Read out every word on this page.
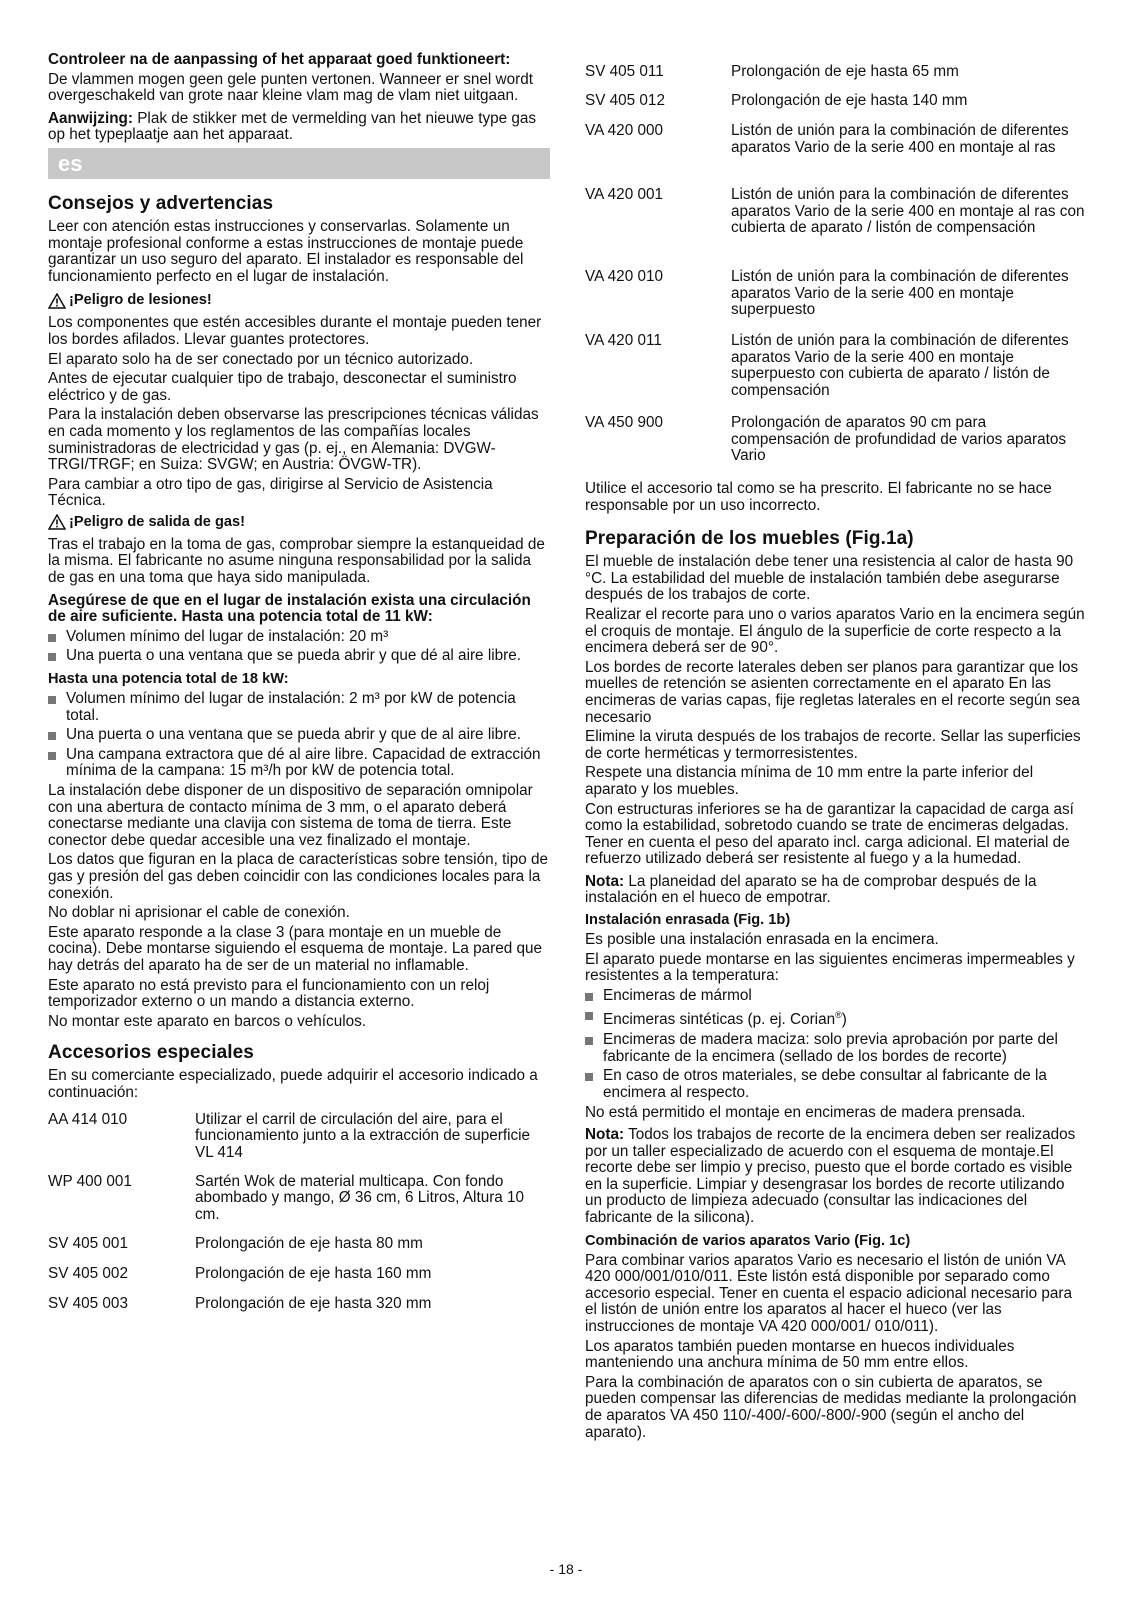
Controleer na de aanpassing of het apparaat goed funktioneert:

De vlammen mogen geen gele punten vertonen. Wanneer er snel wordt overgeschakeld van grote naar kleine vlam mag de vlam niet uitgaan.

Aanwijzing: Plak de stikker met de vermelding van het nieuwe type gas op het typeplaatje aan het apparaat.

es
Consejos y advertencias

Leer con atención estas instrucciones y conservarlas. Solamente un montaje profesional conforme a estas instrucciones de montaje puede garantizar un uso seguro del aparato. El instalador es responsable del funcionamiento perfecto en el lugar de instalación.

¡Peligro de lesiones!

Los componentes que estén accesibles durante el montaje pueden tener los bordes afilados. Llevar guantes protectores.

El aparato solo ha de ser conectado por un técnico autorizado.

Antes de ejecutar cualquier tipo de trabajo, desconectar el suministro eléctrico y de gas.

Para la instalación deben observarse las prescripciones técnicas válidas en cada momento y los reglamentos de las compañías locales suministradoras de electricidad y gas (p. ej., en Alemania: DVGW-TRGI/TRGF; en Suiza: SVGW; en Austria: ÖVGW-TR).

Para cambiar a otro tipo de gas, dirigirse al Servicio de Asistencia Técnica.

¡Peligro de salida de gas!

Tras el trabajo en la toma de gas, comprobar siempre la estanqueidad de la misma. El fabricante no asume ninguna responsabilidad por la salida de gas en una toma que haya sido manipulada.

Asegúrese de que en el lugar de instalación exista una circulación de aire suficiente. Hasta una potencia total de 11 kW:

Volumen mínimo del lugar de instalación: 20 m³
Una puerta o una ventana que se pueda abrir y que dé al aire libre.
Hasta una potencia total de 18 kW:
Volumen mínimo del lugar de instalación: 2 m³ por kW de potencia total.
Una puerta o una ventana que se pueda abrir y que de al aire libre.
Una campana extractora que dé al aire libre. Capacidad de extracción mínima de la campana: 15 m³/h por kW de potencia total.

La instalación debe disponer de un dispositivo de separación omnipolar con una abertura de contacto mínima de 3 mm, o el aparato deberá conectarse mediante una clavija con sistema de toma de tierra. Este conector debe quedar accesible una vez finalizado el montaje.

Los datos que figuran en la placa de características sobre tensión, tipo de gas y presión del gas deben coincidir con las condiciones locales para la conexión.

No doblar ni aprisionar el cable de conexión.

Este aparato responde a la clase 3 (para montaje en un mueble de cocina). Debe montarse siguiendo el esquema de montaje. La pared que hay detrás del aparato ha de ser de un material no inflamable.

Este aparato no está previsto para el funcionamiento con un reloj temporizador externo o un mando a distancia externo.

No montar este aparato en barcos o vehículos.

Accesorios especiales

En su comerciante especializado, puede adquirir el accesorio indicado a continuación:

AA 414 010	Utilizar el carril de circulación del aire, para el funcionamiento junto a la extracción de superficie VL 414
WP 400 001	Sartén Wok de material multicapa. Con fondo abombado y mango, Ø 36 cm, 6 Litros, Altura 10 cm.
SV 405 001	Prolongación de eje hasta 80 mm
SV 405 002	Prolongación de eje hasta 160 mm
SV 405 003	Prolongación de eje hasta 320 mm
SV 405 011	Prolongación de eje hasta 65 mm
SV 405 012	Prolongación de eje hasta 140 mm
VA 420 000	Listón de unión para la combinación de diferentes aparatos Vario de la serie 400 en montaje al ras
VA 420 001	Listón de unión para la combinación de diferentes aparatos Vario de la serie 400 en montaje al ras con cubierta de aparato / listón de compensación
VA 420 010	Listón de unión para la combinación de diferentes aparatos Vario de la serie 400 en montaje superpuesto
VA 420 011	Listón de unión para la combinación de diferentes aparatos Vario de la serie 400 en montaje superpuesto con cubierta de aparato / listón de compensación
VA 450 900	Prolongación de aparatos 90 cm para compensación de profundidad de varios aparatos Vario

Utilice el accesorio tal como se ha prescrito. El fabricante no se hace responsable por un uso incorrecto.

Preparación de los muebles (Fig.1a)

El mueble de instalación debe tener una resistencia al calor de hasta 90 °C. La estabilidad del mueble de instalación también debe asegurarse después de los trabajos de corte.

Realizar el recorte para uno o varios aparatos Vario en la encimera según el croquis de montaje. El ángulo de la superficie de corte respecto a la encimera deberá ser de 90°.

Los bordes de recorte laterales deben ser planos para garantizar que los muelles de retención se asienten correctamente en el aparato En las encimeras de varias capas, fije regletas laterales en el recorte según sea necesario

Elimine la viruta después de los trabajos de recorte. Sellar las superficies de corte herméticas y termorresistentes.

Respete una distancia mínima de 10 mm entre la parte inferior del aparato y los muebles.

Con estructuras inferiores se ha de garantizar la capacidad de carga así como la estabilidad, sobretodo cuando se trate de encimeras delgadas. Tener en cuenta el peso del aparato incl. carga adicional. El material de refuerzo utilizado deberá ser resistente al fuego y a la humedad.

Nota: La planeidad del aparato se ha de comprobar después de la instalación en el hueco de empotrar.

Instalación enrasada (Fig. 1b)

Es posible una instalación enrasada en la encimera.

El aparato puede montarse en las siguientes encimeras impermeables y resistentes a la temperatura:

Encimeras de mármol
Encimeras sintéticas (p. ej. Corian®)
Encimeras de madera maciza: solo previa aprobación por parte del fabricante de la encimera (sellado de los bordes de recorte)
En caso de otros materiales, se debe consultar al fabricante de la encimera al respecto.

No está permitido el montaje en encimeras de madera prensada.

Nota: Todos los trabajos de recorte de la encimera deben ser realizados por un taller especializado de acuerdo con el esquema de montaje.El recorte debe ser limpio y preciso, puesto que el borde cortado es visible en la superficie. Limpiar y desengrasar los bordes de recorte utilizando un producto de limpieza adecuado (consultar las indicaciones del fabricante de la silicona).

Combinación de varios aparatos Vario (Fig. 1c)

Para combinar varios aparatos Vario es necesario el listón de unión VA 420 000/001/010/011. Este listón está disponible por separado como accesorio especial. Tener en cuenta el espacio adicional necesario para el listón de unión entre los aparatos al hacer el hueco (ver las instrucciones de montaje VA 420 000/001/ 010/011).

Los aparatos también pueden montarse en huecos individuales manteniendo una anchura mínima de 50 mm entre ellos.

Para la combinación de aparatos con o sin cubierta de aparatos, se pueden compensar las diferencias de medidas mediante la prolongación de aparatos VA 450 110/-400/-600/-800/-900 (según el ancho del aparato).

- 18 -
